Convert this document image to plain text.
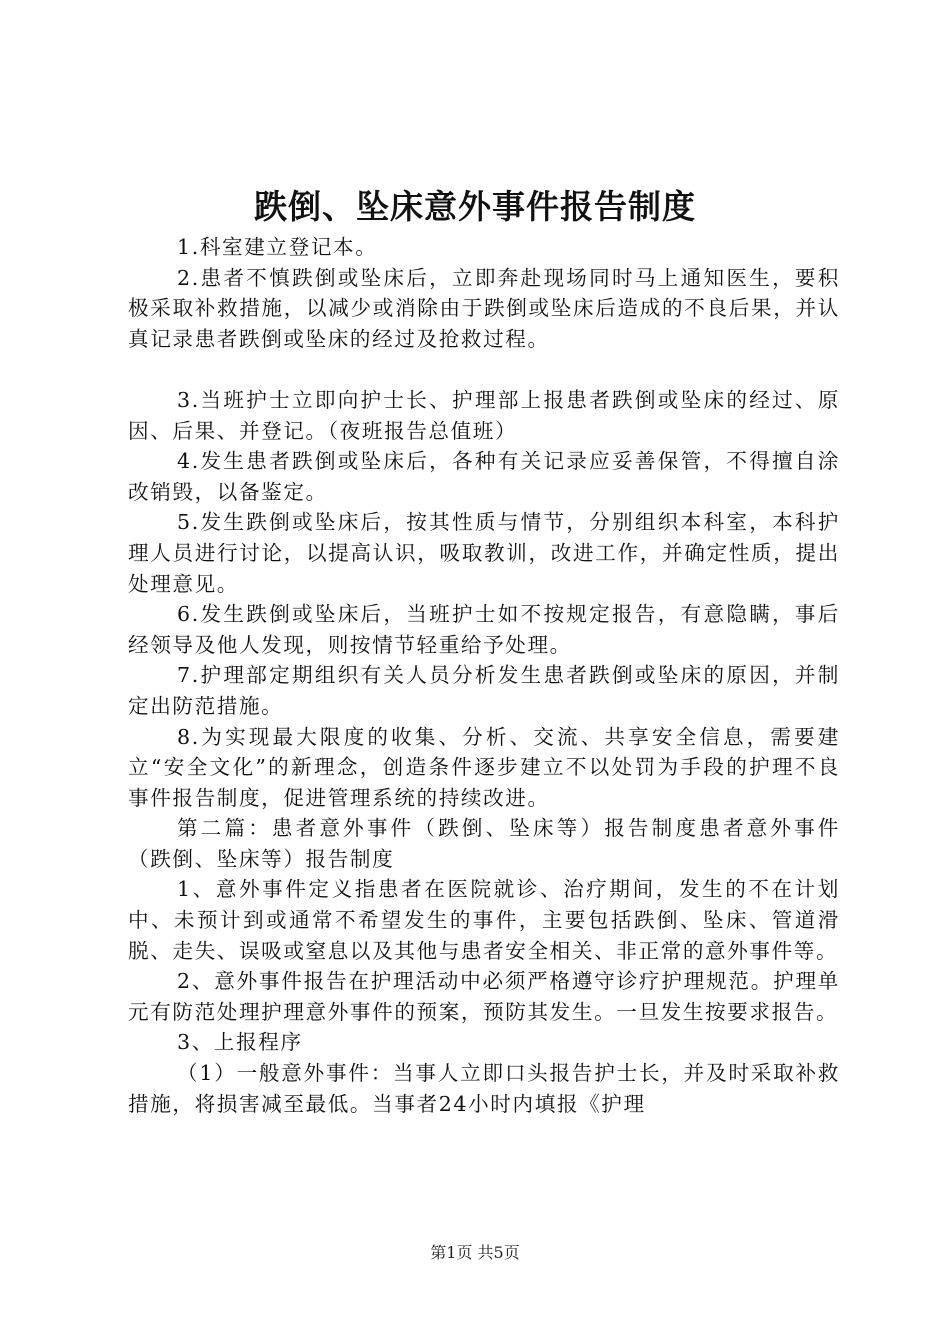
跌倒、坠床意外事件报告制度

1.科室建立登记本。

2.患者不慎跌倒或坠床后，立即奔赴现场同时马上通知医生，要积极采取补救措施，以减少或消除由于跌倒或坠床后造成的不良后果，并认真记录患者跌倒或坠床的经过及抢救过程。

3.当班护士立即向护士长、护理部上报患者跌倒或坠床的经过、原因、后果、并登记。（夜班报告总值班）

4.发生患者跌倒或坠床后，各种有关记录应妥善保管，不得擅自涂改销毁，以备鉴定。

5.发生跌倒或坠床后，按其性质与情节，分别组织本科室，本科护理人员进行讨论，以提高认识，吸取教训，改进工作，并确定性质，提出处理意见。

6.发生跌倒或坠床后，当班护士如不按规定报告，有意隐瞒，事后经领导及他人发现，则按情节轻重给予处理。

7.护理部定期组织有关人员分析发生患者跌倒或坠床的原因，并制定出防范措施。

8.为实现最大限度的收集、分析、交流、共享安全信息，需要建立“安全文化”的新理念，创造条件逐步建立不以处罚为手段的护理不良事件报告制度，促进管理系统的持续改进。

第二篇：患者意外事件（跌倒、坠床等）报告制度患者意外事件（跌倒、坠床等）报告制度

1、意外事件定义指患者在医院就诊、治疗期间，发生的不在计划中、未预计到或通常不希望发生的事件，主要包括跌倒、坠床、管道滑脱、走失、误吸或窒息以及其他与患者安全相关、非正常的意外事件等。

2、意外事件报告在护理活动中必须严格遵守诊疗护理规范。护理单元有防范处理护理意外事件的预案，预防其发生。一旦发生按要求报告。

3、上报程序

（1）一般意外事件：当事人立即口头报告护士长，并及时采取补救措施，将损害减至最低。当事者24小时内填报《护理

第1页 共5页
